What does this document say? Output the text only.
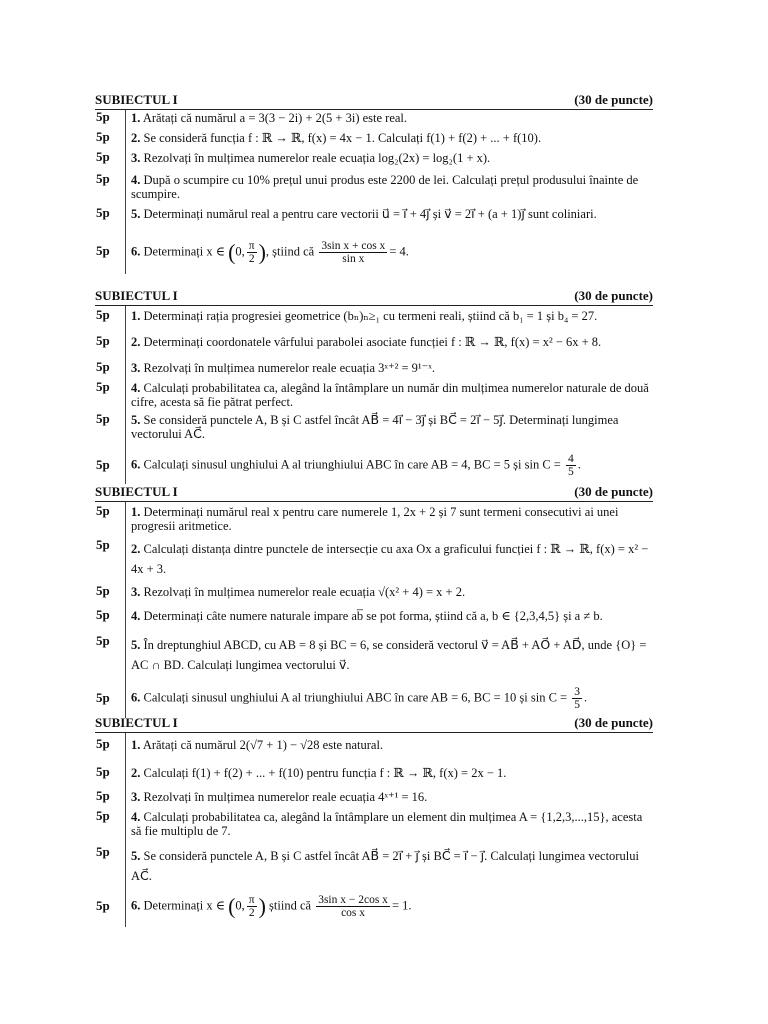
SUBIECTUL I	(30 de puncte)
5p	1. Arătați că numărul a = 3(3 − 2i) + 2(5 + 3i) este real.
5p	2. Se consideră funcția f : ℝ → ℝ, f(x) = 4x − 1. Calculați f(1) + f(2) + ... + f(10).
5p	3. Rezolvați în mulțimea numerelor reale ecuația log₂(2x) = log₂(1 + x).
5p	4. După o scumpire cu 10% prețul unui produs este 2200 de lei. Calculați prețul produsului înainte de scumpire.
5p	5. Determinați numărul real a pentru care vectorii u⃗ = i⃗ + 4j⃗ și v⃗ = 2i⃗ + (a + 1)j⃗ sunt coliniari.
5p	6. Determinați x ∈ (0, $\frac{\pi}{2}$ ), știind că $\frac{\text{3sin x + cos x}}{\text{sin x}} = 4$.
SUBIECTUL I	(30 de puncte)
5p	1. Determinați rația progresiei geometrice (bₙ)ₙ≥₁ cu termeni reali, știind că b₁ = 1 și b₄ = 27.
5p	2. Determinați coordonatele vârfului parabolei asociate funcției f : ℝ → ℝ, f(x) = x² − 6x + 8.
5p	3. Rezolvați în mulțimea numerelor reale ecuația 3ˣ⁺² = 9¹⁻ˣ.
5p	4. Calculați probabilitatea ca, alegând la întâmplare un număr din mulțimea numerelor naturale de două cifre, acesta să fie pătrat perfect.
5p	5. Se consideră punctele A, B și C astfel încât AB⃗ = 4i⃗ − 3j⃗ și BC⃗ = 2i⃗ − 5j⃗. Determinați lungimea vectorului AC⃗.
5p	6. Calculați sinusul unghiului A al triunghiului ABC în care AB = 4, BC = 5 și $\sin C = \frac{4}{5}$ .
SUBIECTUL I	(30 de puncte)
5p	1. Determinați numărul real x pentru care numerele 1, 2x + 2 și 7 sunt termeni consecutivi ai unei progresii aritmetice.
5p	2. Calculați distanța dintre punctele de intersecție cu axa Ox a graficului funcției f : ℝ → ℝ, f(x) = x² − 4x + 3.
5p	3. Rezolvați în mulțimea numerelor reale ecuația √(x² + 4) = x + 2.
5p	4. Determinați câte numere naturale impare ab̅ se pot forma, știind că a, b ∈ {2,3,4,5} și a ≠ b.
5p	5. În dreptunghiul ABCD, cu AB = 8 și BC = 6, se consideră vectorul v⃗ = AB⃗ + AO⃗ + AD⃗, unde {O} = AC ∩ BD. Calculați lungimea vectorului v⃗.
5p	6. Calculați sinusul unghiului A al triunghiului ABC în care AB = 6, BC = 10 și $\sin C = \frac{3}{5}$ .
SUBIECTUL I	(30 de puncte)
5p	1. Arătați că numărul 2(√7 + 1) − √28 este natural.
5p	2. Calculați f(1) + f(2) + ... + f(10) pentru funcția f : ℝ → ℝ, f(x) = 2x − 1.
5p	3. Rezolvați în mulțimea numerelor reale ecuația 4ˣ⁺¹ = 16.
5p	4. Calculați probabilitatea ca, alegând la întâmplare un element din mulțimea A = {1,2,3,...,15}, acesta să fie multiplu de 7.
5p	5. Se consideră punctele A, B și C astfel încât AB⃗ = 2i⃗ + j⃗ și BC⃗ = i⃗ − j⃗. Calculați lungimea vectorului AC⃗.
5p	6. Determinați x ∈ (0, $\frac{\pi}{2}$ ) știind că $\frac{\text{3sin x − 2cos x}}{\text{cos x}} = 1$.
